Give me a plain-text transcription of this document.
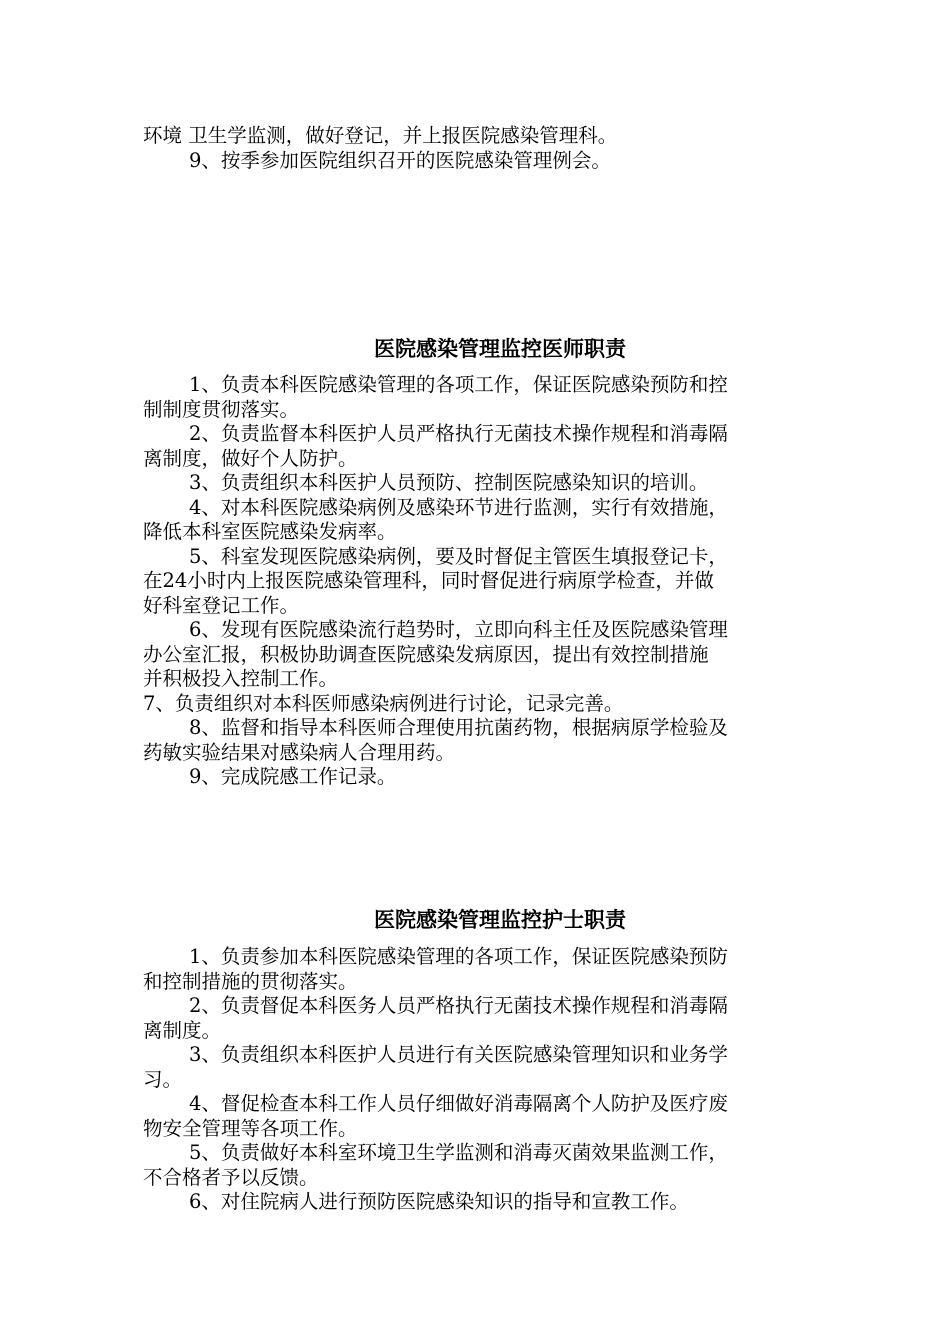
环境 卫生学监测，做好登记，并上报医院感染管理科。
9、按季参加医院组织召开的医院感染管理例会。
医院感染管理监控医师职责
1、负责本科医院感染管理的各项工作，保证医院感染预防和控
制制度贯彻落实。
2、负责监督本科医护人员严格执行无菌技术操作规程和消毒隔
离制度，做好个人防护。
3、负责组织本科医护人员预防、控制医院感染知识的培训。
4、对本科医院感染病例及感染环节进行监测，实行有效措施，
降低本科室医院感染发病率。
5、科室发现医院感染病例，要及时督促主管医生填报登记卡，
在24小时内上报医院感染管理科，同时督促进行病原学检查，并做
好科室登记工作。
6、发现有医院感染流行趋势时，立即向科主任及医院感染管理
办公室汇报，积极协助调查医院感染发病原因，提出有效控制措施
并积极投入控制工作。
7、负责组织对本科医师感染病例进行讨论，记录完善。
8、监督和指导本科医师合理使用抗菌药物，根据病原学检验及
药敏实验结果对感染病人合理用药。
9、完成院感工作记录。
医院感染管理监控护士职责
1、负责参加本科医院感染管理的各项工作，保证医院感染预防
和控制措施的贯彻落实。
2、负责督促本科医务人员严格执行无菌技术操作规程和消毒隔
离制度。
3、负责组织本科医护人员进行有关医院感染管理知识和业务学
习。
4、督促检查本科工作人员仔细做好消毒隔离个人防护及医疗废
物安全管理等各项工作。
5、负责做好本科室环境卫生学监测和消毒灭菌效果监测工作，
不合格者予以反馈。
6、对住院病人进行预防医院感染知识的指导和宣教工作。
